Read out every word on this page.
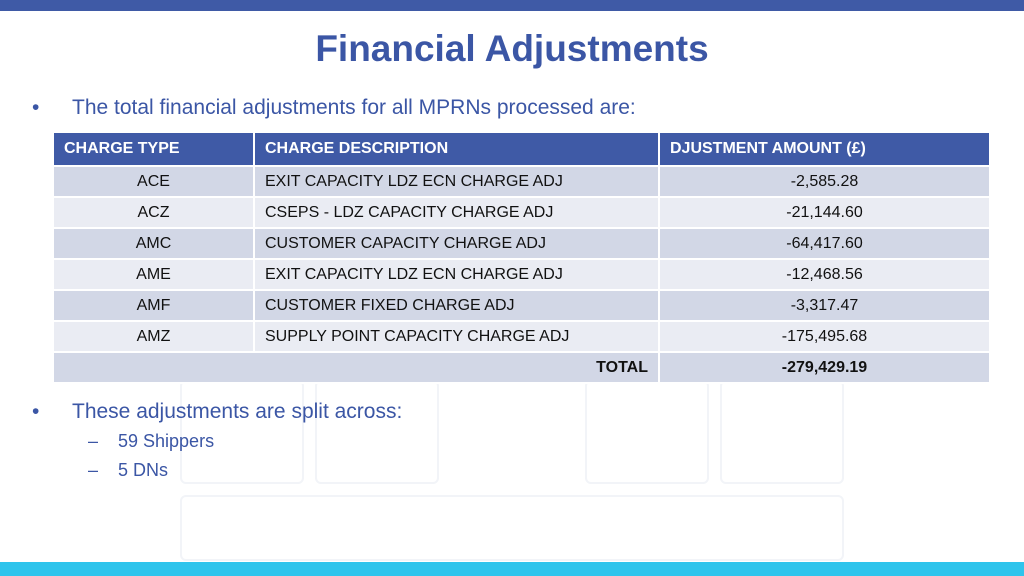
Financial Adjustments
• The total financial adjustments for all MPRNs processed are:
CHARGE TYPE	CHARGE DESCRIPTION	DJUSTMENT AMOUNT (£)
ACE	EXIT CAPACITY LDZ ECN CHARGE ADJ	-2,585.28
ACZ	CSEPS - LDZ CAPACITY CHARGE ADJ	-21,144.60
AMC	CUSTOMER CAPACITY CHARGE ADJ	-64,417.60
AME	EXIT CAPACITY LDZ ECN CHARGE ADJ	-12,468.56
AMF	CUSTOMER FIXED CHARGE ADJ	-3,317.47
AMZ	SUPPLY POINT CAPACITY CHARGE ADJ	-175,495.68
TOTAL		-279,429.19
• These adjustments are split across:
– 59 Shippers
– 5 DNs
